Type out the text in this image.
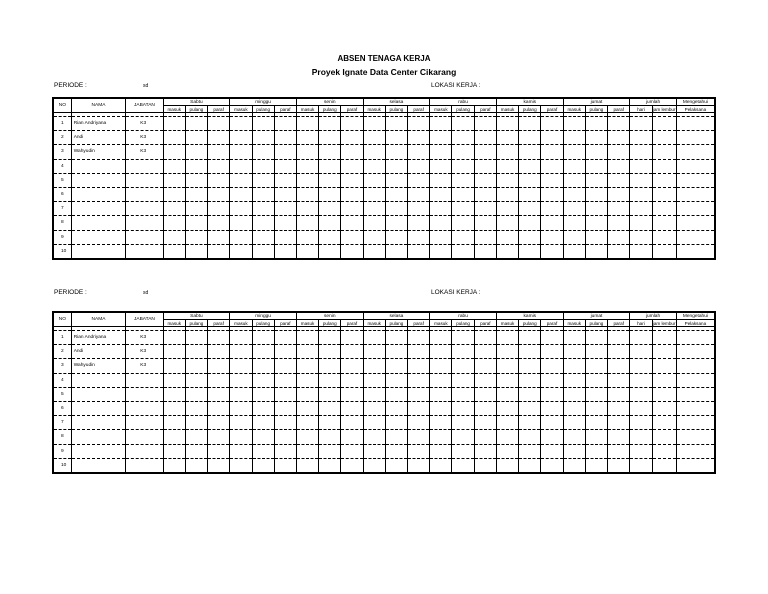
ABSEN TENAGA KERJA
Proyek Ignate Data Center Cikarang
PERIODE :	sd	LOKASI KERJA :
NO	NAMA	JABATAN	Sabtu			minggu			senin			selasa			rabu			kamis			jumat			jumlah		Mengetahui
			masuk	pulang	paraf	masuk	pulang	paraf	masuk	pulang	paraf	masuk	pulang	paraf	masuk	pulang	paraf	masuk	pulang	paraf	masuk	pulang	paraf	hari	jam lembur	Pelaksana

1	Rian Andriyana	K3																								
2	Andi	K3																								
3	Wahyudin	K3																								
4																										
5																										
6																										
7																										
8																										
9																										
10																										
PERIODE :	sd	LOKASI KERJA :
NO	NAMA	JABATAN	Sabtu			minggu			senin			selasa			rabu			kamis			jumat			jumlah		Mengetahui
			masuk	pulang	paraf	masuk	pulang	paraf	masuk	pulang	paraf	masuk	pulang	paraf	masuk	pulang	paraf	masuk	pulang	paraf	masuk	pulang	paraf	hari	jam lembur	Pelaksana

1	Rian Andriyana	K3																								
2	Andi	K3																								
3	Wahyudin	K3																								
4																										
5																										
6																										
7																										
8																										
9																										
10																										
